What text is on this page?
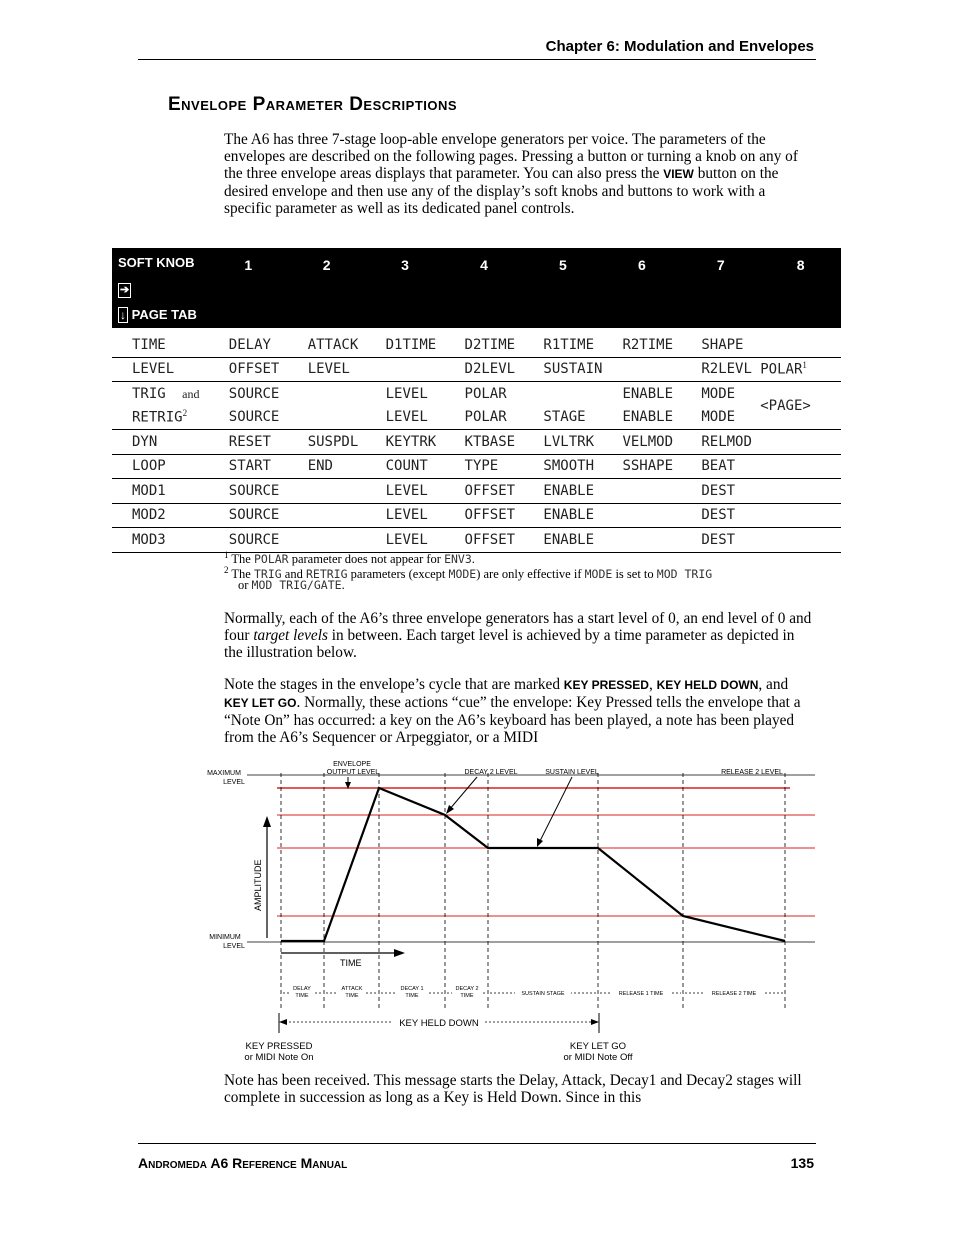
Chapter 6: Modulation and Envelopes
Envelope Parameter Descriptions
The A6 has three 7-stage loop-able envelope generators per voice. The parameters of the envelopes are described on the following pages. Pressing a button or turning a knob on any of the three envelope areas displays that parameter. You can also press the VIEW button on the desired envelope and then use any of the display’s soft knobs and buttons to work with a specific parameter as well as its dedicated panel controls.
SOFT KNOB ➔
↓ PAGE TAB	1	2	3	4	5	6	7	8

TIME	DELAY	ATTACK	D1TIME	D2TIME	R1TIME	R2TIME	SHAPE	
LEVEL	OFFSET	LEVEL		D2LEVL	SUSTAIN		R2LEVL	POLAR$^1$
TRIG and	SOURCE		LEVEL	POLAR		ENABLE	MODE	<PAGE>
$RETRIG^2$	SOURCE		LEVEL	POLAR	STAGE	ENABLE	MODE	
DYN	RESET	SUSPDL	KEYTRK	KTBASE	LVLTRK	VELMOD	RELMOD	
LOOP	START	END	COUNT	TYPE	SMOOTH	SSHAPE	BEAT	
MOD1	SOURCE		LEVEL	OFFSET	ENABLE		DEST	
MOD2	SOURCE		LEVEL	OFFSET	ENABLE		DEST	
MOD3	SOURCE		LEVEL	OFFSET	ENABLE		DEST	
$^1$ The POLAR parameter does not appear for ENV3.
$^2$ The TRIG and RETRIG parameters (except MODE) are only effective if MODE is set to MOD TRIG
or MOD TRIG/GATE.
Normally, each of the A6’s three envelope generators has a start level of 0, an end level of 0 and four target levels in between. Each target level is achieved by a time parameter as depicted in the illustration below.
Note the stages in the envelope’s cycle that are marked KEY PRESSED, KEY HELD DOWN, and KEY LET GO. Normally, these actions “cue” the envelope: Key Pressed tells the envelope that a “Note On” has occurred: a key on the A6’s keyboard has been played, a note has been played from the A6’s Sequencer or Arpeggiator, or a MIDI
MAXIMUM
LEVEL
MINIMUM
LEVEL
ENVELOPE
OUTPUT LEVEL	DECAY 2 LEVEL	SUSTAIN LEVEL	RELEASE 2 LEVEL
AMPLITUDE
TIME
DELAY
TIME
ATTACK
TIME
DECAY 1
TIME
DECAY 2
TIME	SUSTAIN STAGE	RELEASE 1 TIME	RELEASE 2 TIME
KEY HELD DOWN
KEY PRESSED
or MIDI Note On
KEY LET GO
or MIDI Note Off
Note has been received. This message starts the Delay, Attack, Decay1 and Decay2 stages will complete in succession as long as a Key is Held Down. Since in this
Andromeda A6 Reference Manual	135
